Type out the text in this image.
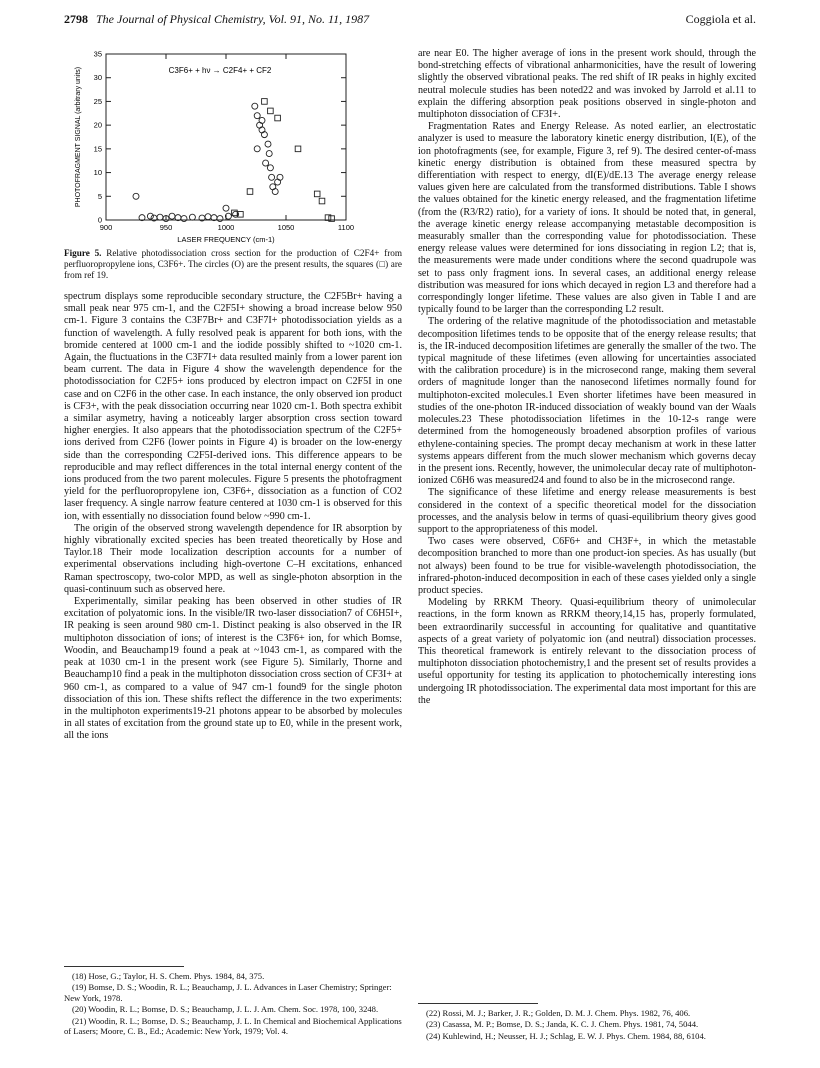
2798 The Journal of Physical Chemistry, Vol. 91, No. 11, 1987	Coggiola et al.
900	950	1000	1050	1100
0
5
10
15
20
25
30
35
C3F6+ + hν → C2F4+ + CF2
LASER FREQUENCY (cm-1)
PHOTOFRAGMENT SIGNAL (arbitrary units)
Figure 5. Relative photodissociation cross section for the production of C2F4+ from perfluoropropylene ions, C3F6+. The circles (O) are the present results, the squares (□) are from ref 19.

spectrum displays some reproducible secondary structure, the C2F5Br+ having a small peak near 975 cm-1, and the C2F5I+ showing a broad increase below 950 cm-1. Figure 3 contains the C3F7Br+ and C3F7I+ photodissociation yields as a function of wavelength. A fully resolved peak is apparent for both ions, with the bromide centered at 1000 cm-1 and the iodide possibly shifted to ~1020 cm-1. Again, the fluctuations in the C3F7I+ data resulted mainly from a lower parent ion beam current. The data in Figure 4 show the wavelength dependence for the photodissociation for C2F5+ ions produced by electron impact on C2F5I in one case and on C2F6 in the other case. In each instance, the only observed ion product is CF3+, with the peak dissociation occurring near 1020 cm-1. Both spectra exhibit a similar asymetry, having a noticeably larger absorption cross section toward higher energies. It also appears that the photodissociation spectrum of the C2F5+ ions derived from C2F6 (lower points in Figure 4) is broader on the low-energy side than the corresponding C2F5I-derived ions. This difference appears to be reproducible and may reflect differences in the total internal energy content of the ions produced from the two parent molecules. Figure 5 presents the photofragment yield for the perfluoropropylene ion, C3F6+, dissociation as a function of CO2 laser frequency. A single narrow feature centered at 1030 cm-1 is observed for this ion, with essentially no dissociation found below ~990 cm-1.

The origin of the observed strong wavelength dependence for IR absorption by highly vibrationally excited species has been treated theoretically by Hose and Taylor.18 Their mode localization description accounts for a number of experimental observations including high-overtone C–H excitations, enhanced Raman spectroscopy, two-color MPD, as well as single-photon absorption in the quasi-continuum such as observed here.

Experimentally, similar peaking has been observed in other studies of IR excitation of polyatomic ions. In the visible/IR two-laser dissociation7 of C6H5I+, IR peaking is seen around 980 cm-1. Distinct peaking is also observed in the IR multiphoton dissociation of ions; of interest is the C3F6+ ion, for which Bomse, Woodin, and Beauchamp19 found a peak at ~1043 cm-1, as compared with the peak at 1030 cm-1 in the present work (see Figure 5). Similarly, Thorne and Beauchamp10 find a peak in the multiphoton dissociation cross section of CF3I+ at 960 cm-1, as compared to a value of 947 cm-1 found9 for the single photon dissociation of this ion. These shifts reflect the difference in the two experiments: in the multiphoton experiments19-21 photons appear to be absorbed by molecules in all states of excitation from the ground state up to E0, while in the present work, all the ions

are near E0. The higher average of ions in the present work should, through the bond-stretching effects of vibrational anharmonicities, have the result of lowering slightly the observed vibrational peaks. The red shift of IR peaks in highly excited neutral molecule studies has been noted22 and was invoked by Jarrold et al.11 to explain the differing absorption peak positions observed in single-photon and multiphoton dissociation of CF3I+.

Fragmentation Rates and Energy Release. As noted earlier, an electrostatic analyzer is used to measure the laboratory kinetic energy distribution, I(E), of the ion photofragments (see, for example, Figure 3, ref 9). The desired center-of-mass kinetic energy distribution is obtained from these measured spectra by differentiation with respect to energy, dI(E)/dE.13 The average energy release values given here are calculated from the transformed distributions. Table I shows the values obtained for the kinetic energy released, and the fragmentation lifetime (from the (R3/R2) ratio), for a variety of ions. It should be noted that, in general, the average kinetic energy release accompanying metastable decomposition is measurably smaller than the corresponding value for photodissociation. These energy release values were determined for ions dissociating in region L2; that is, the measurements were made under conditions where the second quadrupole was set to pass only fragment ions. In several cases, an additional energy release distribution was measured for ions which decayed in region L3 and therefore had a correspondingly longer lifetime. These values are also given in Table I and are typically found to be larger than the corresponding L2 result.

The ordering of the relative magnitude of the photodissociation and metastable decomposition lifetimes tends to be opposite that of the energy release results; that is, the IR-induced decomposition lifetimes are generally the smaller of the two. The typical magnitude of these lifetimes (even allowing for uncertainties associated with the calibration procedure) is in the microsecond range, making them several orders of magnitude longer than the nanosecond lifetimes normally found for multiphoton-excited molecules.1 Even shorter lifetimes have been measured in studies of the one-photon IR-induced dissociation of weakly bound van der Waals molecules.23 These photodissociation lifetimes in the 10-12-s range were determined from the homogeneously broadened absorption profiles of various ethylene-containing species. The prompt decay mechanism at work in these latter systems appears different from the much slower mechanism which governs decay in the present ions. Recently, however, the unimolecular decay rate of multiphoton-ionized C6H6 was measured24 and found to also be in the microsecond range.

The significance of these lifetime and energy release measurements is best considered in the context of a specific theoretical model for the dissociation processes, and the analysis below in terms of quasi-equilibrium theory gives good support to the appropriateness of this model.

Two cases were observed, C6F6+ and CH3F+, in which the metastable decomposition branched to more than one product-ion species. As has usually (but not always) been found to be true for visible-wavelength photodissociation, the infrared-photon-induced decomposition in each of these cases yielded only a single product species.

Modeling by RRKM Theory. Quasi-equilibrium theory of unimolecular reactions, in the form known as RRKM theory,14,15 has, properly formulated, been extraordinarily successful in accounting for qualitative and quantitative aspects of a great variety of polyatomic ion (and neutral) dissociation processes. This theoretical framework is entirely relevant to the dissociation process of multiphoton dissociation photochemistry,1 and the present set of results provides a useful opportunity for testing its application to photochemically interesting ions undergoing IR photodissociation. The experimental data most important for this are the

(18) Hose, G.; Taylor, H. S. Chem. Phys. 1984, 84, 375.
(19) Bomse, D. S.; Woodin, R. L.; Beauchamp, J. L. Advances in Laser Chemistry; Springer: New York, 1978.
(20) Woodin, R. L.; Bomse, D. S.; Beauchamp, J. L. J. Am. Chem. Soc. 1978, 100, 3248.
(21) Woodin, R. L.; Bomse, D. S.; Beauchamp, J. L. In Chemical and Biochemical Applications of Lasers; Moore, C. B., Ed.; Academic: New York, 1979; Vol. 4.
(22) Rossi, M. J.; Barker, J. R.; Golden, D. M. J. Chem. Phys. 1982, 76, 406.
(23) Casassa, M. P.; Bomse, D. S.; Janda, K. C. J. Chem. Phys. 1981, 74, 5044.
(24) Kuhlewind, H.; Neusser, H. J.; Schlag, E. W. J. Phys. Chem. 1984, 88, 6104.
